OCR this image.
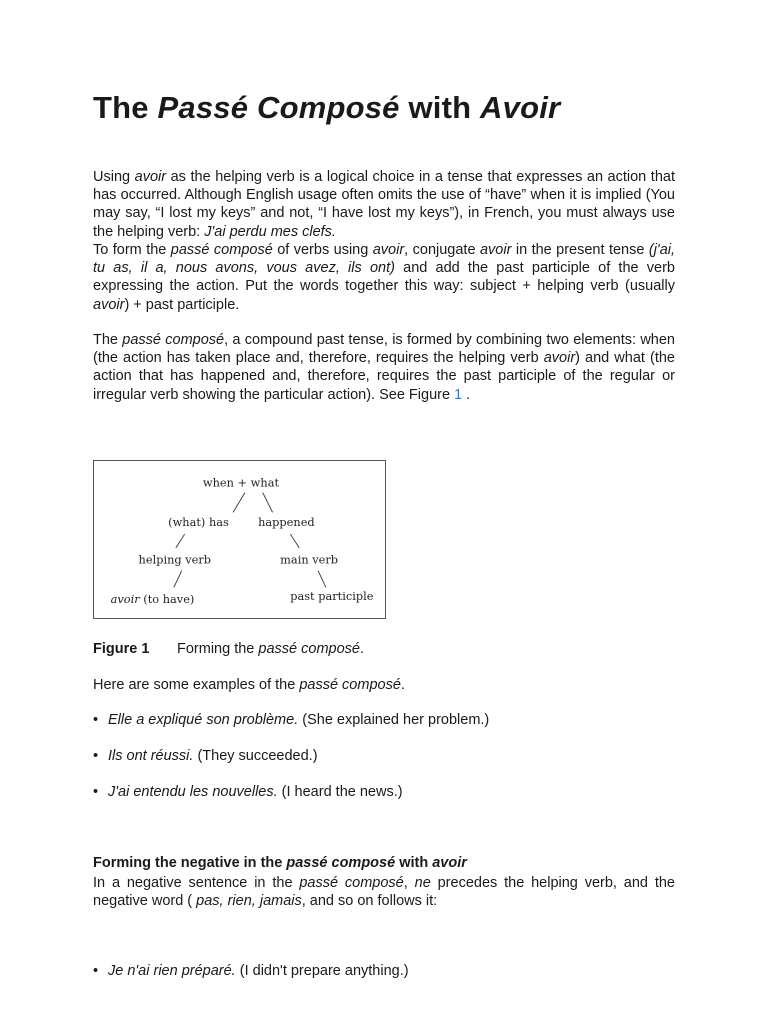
The Passé Composé with Avoir

Using avoir as the helping verb is a logical choice in a tense that expresses an action that has occurred. Although English usage often omits the use of “have” when it is implied (You may say, “I lost my keys” and not, “I have lost my keys”), in French, you must always use the helping verb: J'ai perdu mes clefs.

To form the passé composé of verbs using avoir, conjugate avoir in the present tense (j'ai, tu as, il a, nous avons, vous avez, ils ont) and add the past participle of the verb expressing the action. Put the words together this way: subject + helping verb (usually avoir) + past participle.

The passé composé, a compound past tense, is formed by combining two elements: when (the action has taken place and, therefore, requires the helping verb avoir) and what (the action that has happened and, therefore, requires the past participle of the regular or irregular verb showing the particular action). See Figure 1 .

when + what
(what) has	happened
helping verb	main verb
avoir (to have)	past participle
Figure 1 Forming the passé composé.
Here are some examples of the passé composé.
• Elle a expliqué son problème. (She explained her problem.)
• Ils ont réussi. (They succeeded.)
• J'ai entendu les nouvelles. (I heard the news.)
Forming the negative in the passé composé with avoir

In a negative sentence in the passé composé, ne precedes the helping verb, and the negative word ( pas, rien, jamais, and so on follows it:

• Je n'ai rien préparé. (I didn't prepare anything.)
